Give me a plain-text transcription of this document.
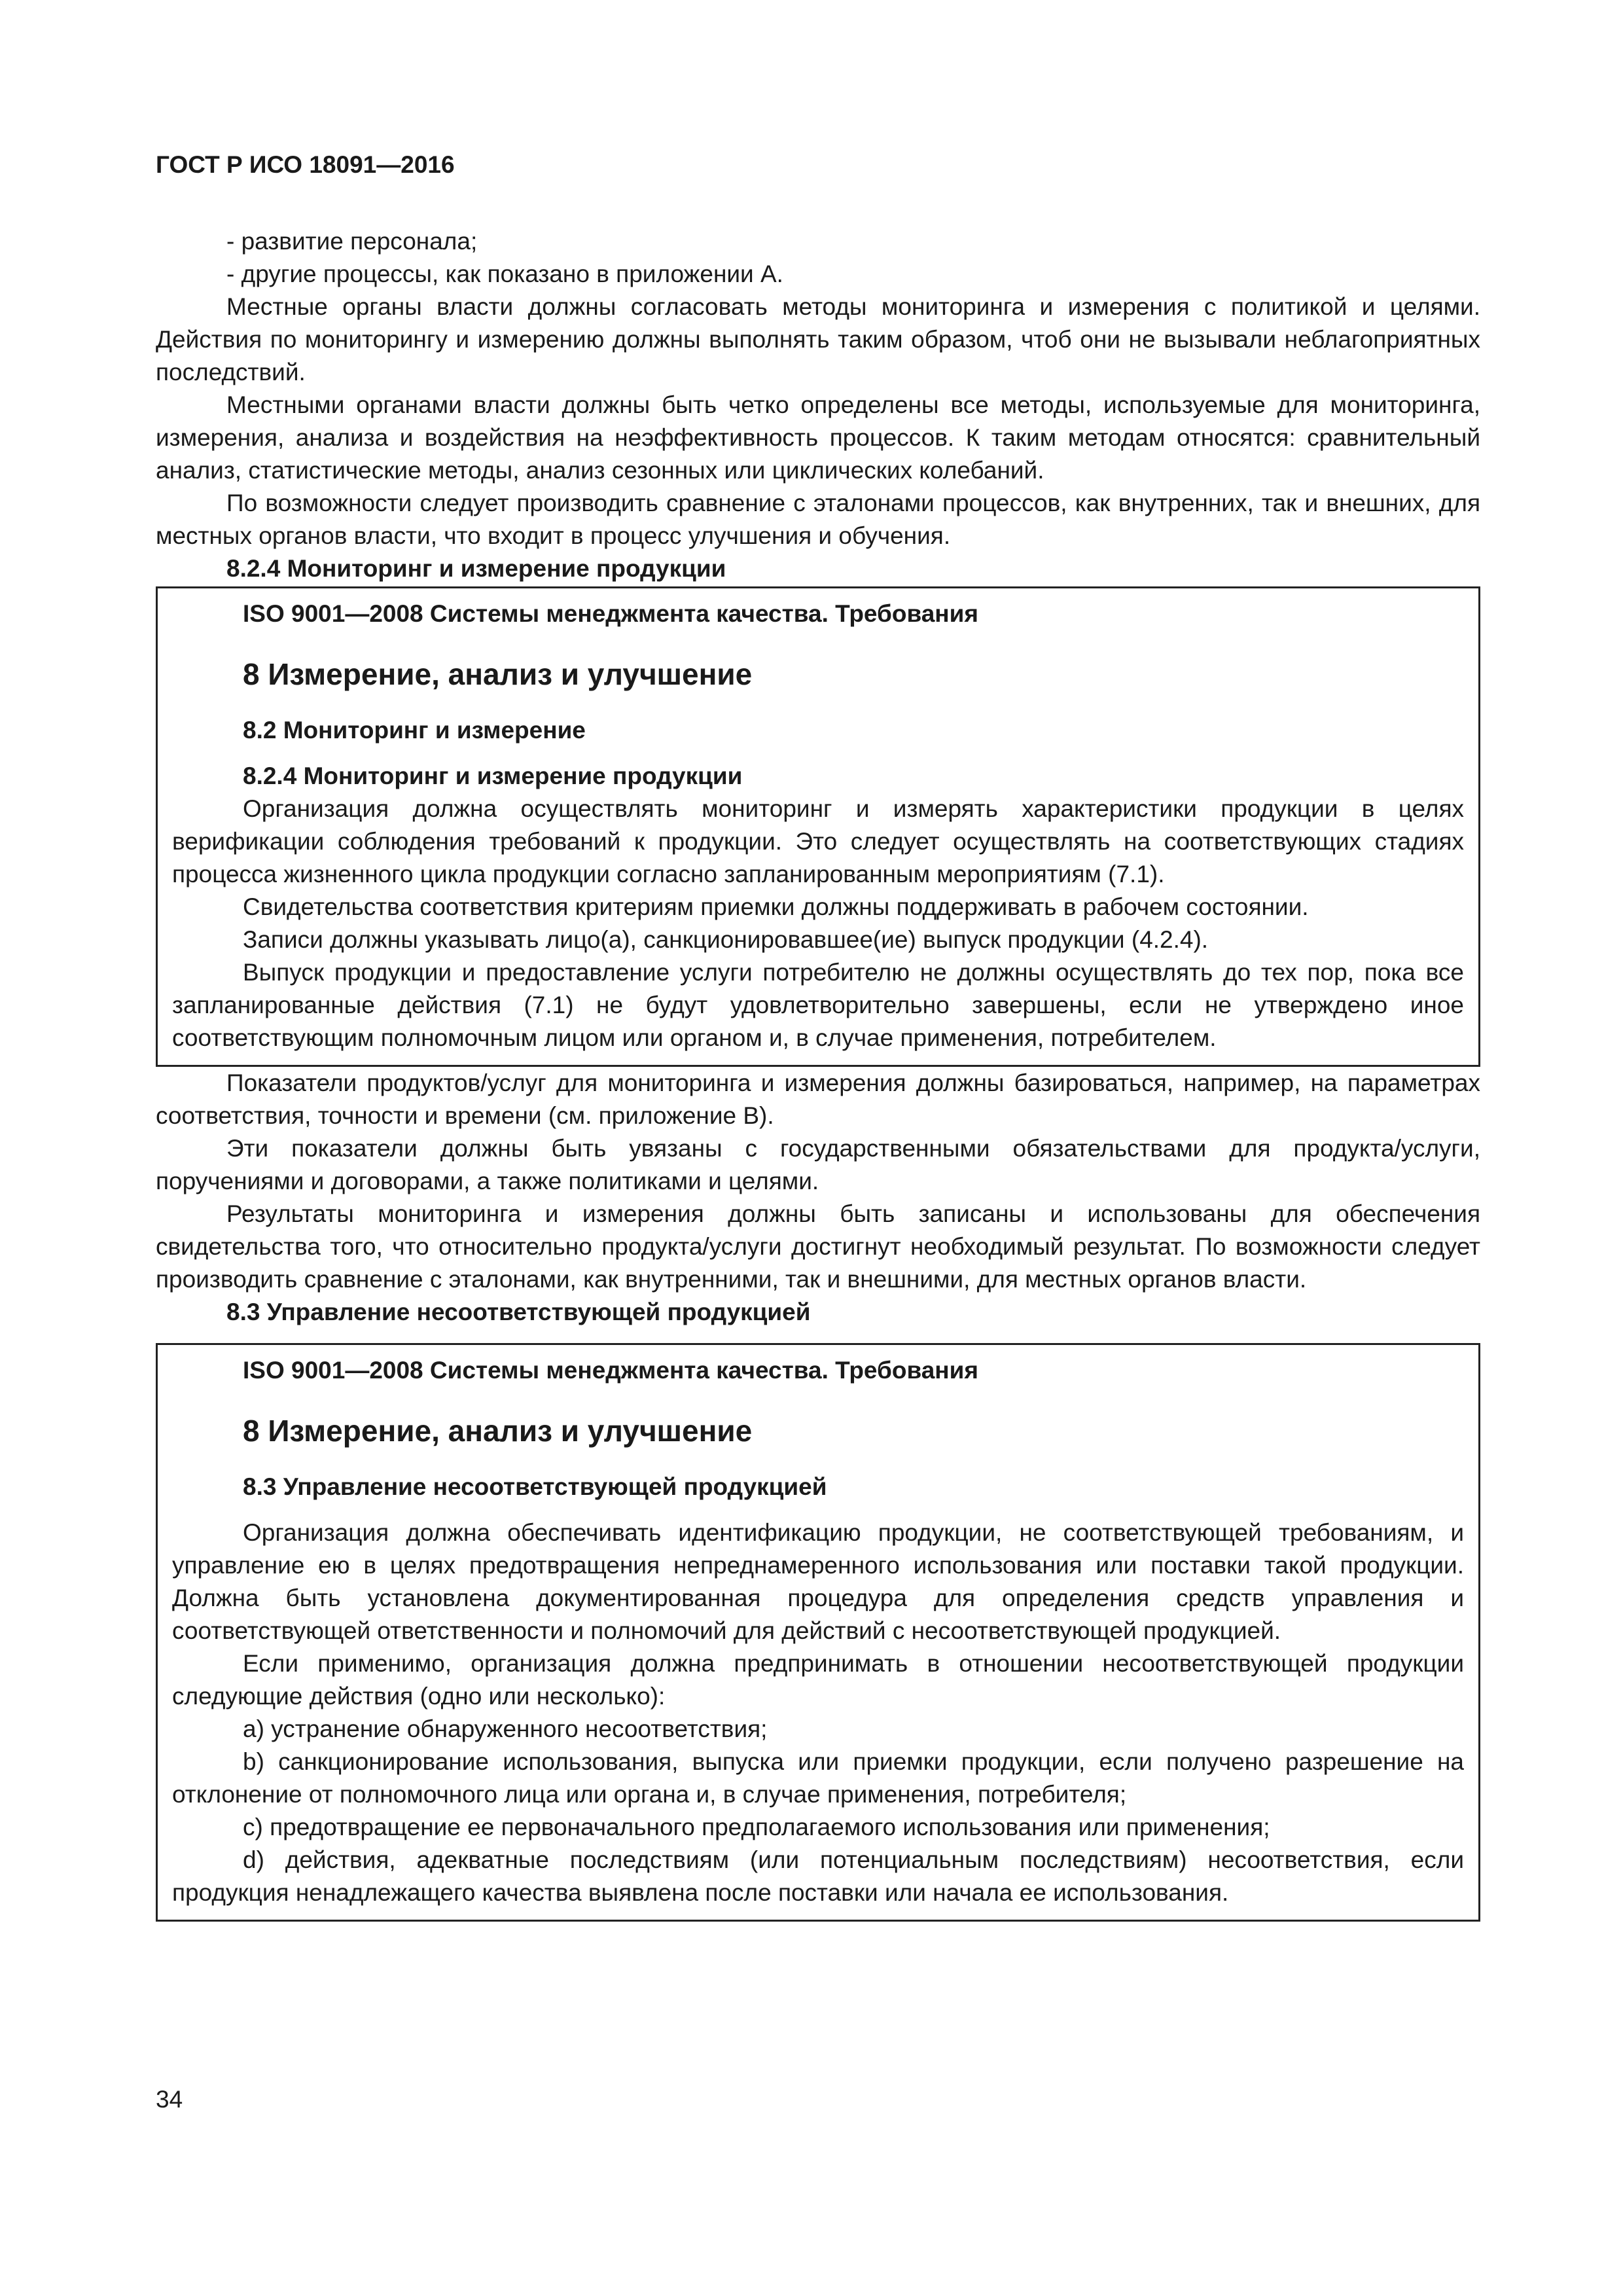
ГОСТ Р ИСО 18091—2016

- развитие персонала;

- другие процессы, как показано в приложении А.

Местные органы власти должны согласовать методы мониторинга и измерения с политикой и целями. Действия по мониторингу и измерению должны выполнять таким образом, чтоб они не вызывали неблагоприятных последствий.

Местными органами власти должны быть четко определены все методы, используемые для мониторинга, измерения, анализа и воздействия на неэффективность процессов. К таким методам относятся: сравнительный анализ, статистические методы, анализ сезонных или циклических колебаний.

По возможности следует производить сравнение с эталонами процессов, как внутренних, так и внешних, для местных органов власти, что входит в процесс улучшения и обучения.

8.2.4 Мониторинг и измерение продукции

ISO 9001—2008 Системы менеджмента качества. Требования

8 Измерение, анализ и улучшение

8.2 Мониторинг и измерение

8.2.4 Мониторинг и измерение продукции

Организация должна осуществлять мониторинг и измерять характеристики продукции в целях верификации соблюдения требований к продукции. Это следует осуществлять на соответствующих стадиях процесса жизненного цикла продукции согласно запланированным мероприятиям (7.1).

Свидетельства соответствия критериям приемки должны поддерживать в рабочем состоянии.

Записи должны указывать лицо(а), санкционировавшее(ие) выпуск продукции (4.2.4).

Выпуск продукции и предоставление услуги потребителю не должны осуществлять до тех пор, пока все запланированные действия (7.1) не будут удовлетворительно завершены, если не утверждено иное соответствующим полномочным лицом или органом и, в случае применения, потребителем.

Показатели продуктов/услуг для мониторинга и измерения должны базироваться, например, на параметрах соответствия, точности и времени (см. приложение В).

Эти показатели должны быть увязаны с государственными обязательствами для продукта/услуги, поручениями и договорами, а также политиками и целями.

Результаты мониторинга и измерения должны быть записаны и использованы для обеспечения свидетельства того, что относительно продукта/услуги достигнут необходимый результат. По возможности следует производить сравнение с эталонами, как внутренними, так и внешними, для местных органов власти.

8.3 Управление несоответствующей продукцией

ISO 9001—2008 Системы менеджмента качества. Требования

8 Измерение, анализ и улучшение

8.3 Управление несоответствующей продукцией

Организация должна обеспечивать идентификацию продукции, не соответствующей требованиям, и управление ею в целях предотвращения непреднамеренного использования или поставки такой продукции. Должна быть установлена документированная процедура для определения средств управления и соответствующей ответственности и полномочий для действий с несоответствующей продукцией.

Если применимо, организация должна предпринимать в отношении несоответствующей продукции следующие действия (одно или несколько):

a) устранение обнаруженного несоответствия;

b) санкционирование использования, выпуска или приемки продукции, если получено разрешение на отклонение от полномочного лица или органа и, в случае применения, потребителя;

c) предотвращение ее первоначального предполагаемого использования или применения;

d) действия, адекватные последствиям (или потенциальным последствиям) несоответствия, если продукция ненадлежащего качества выявлена после поставки или начала ее использования.

34
